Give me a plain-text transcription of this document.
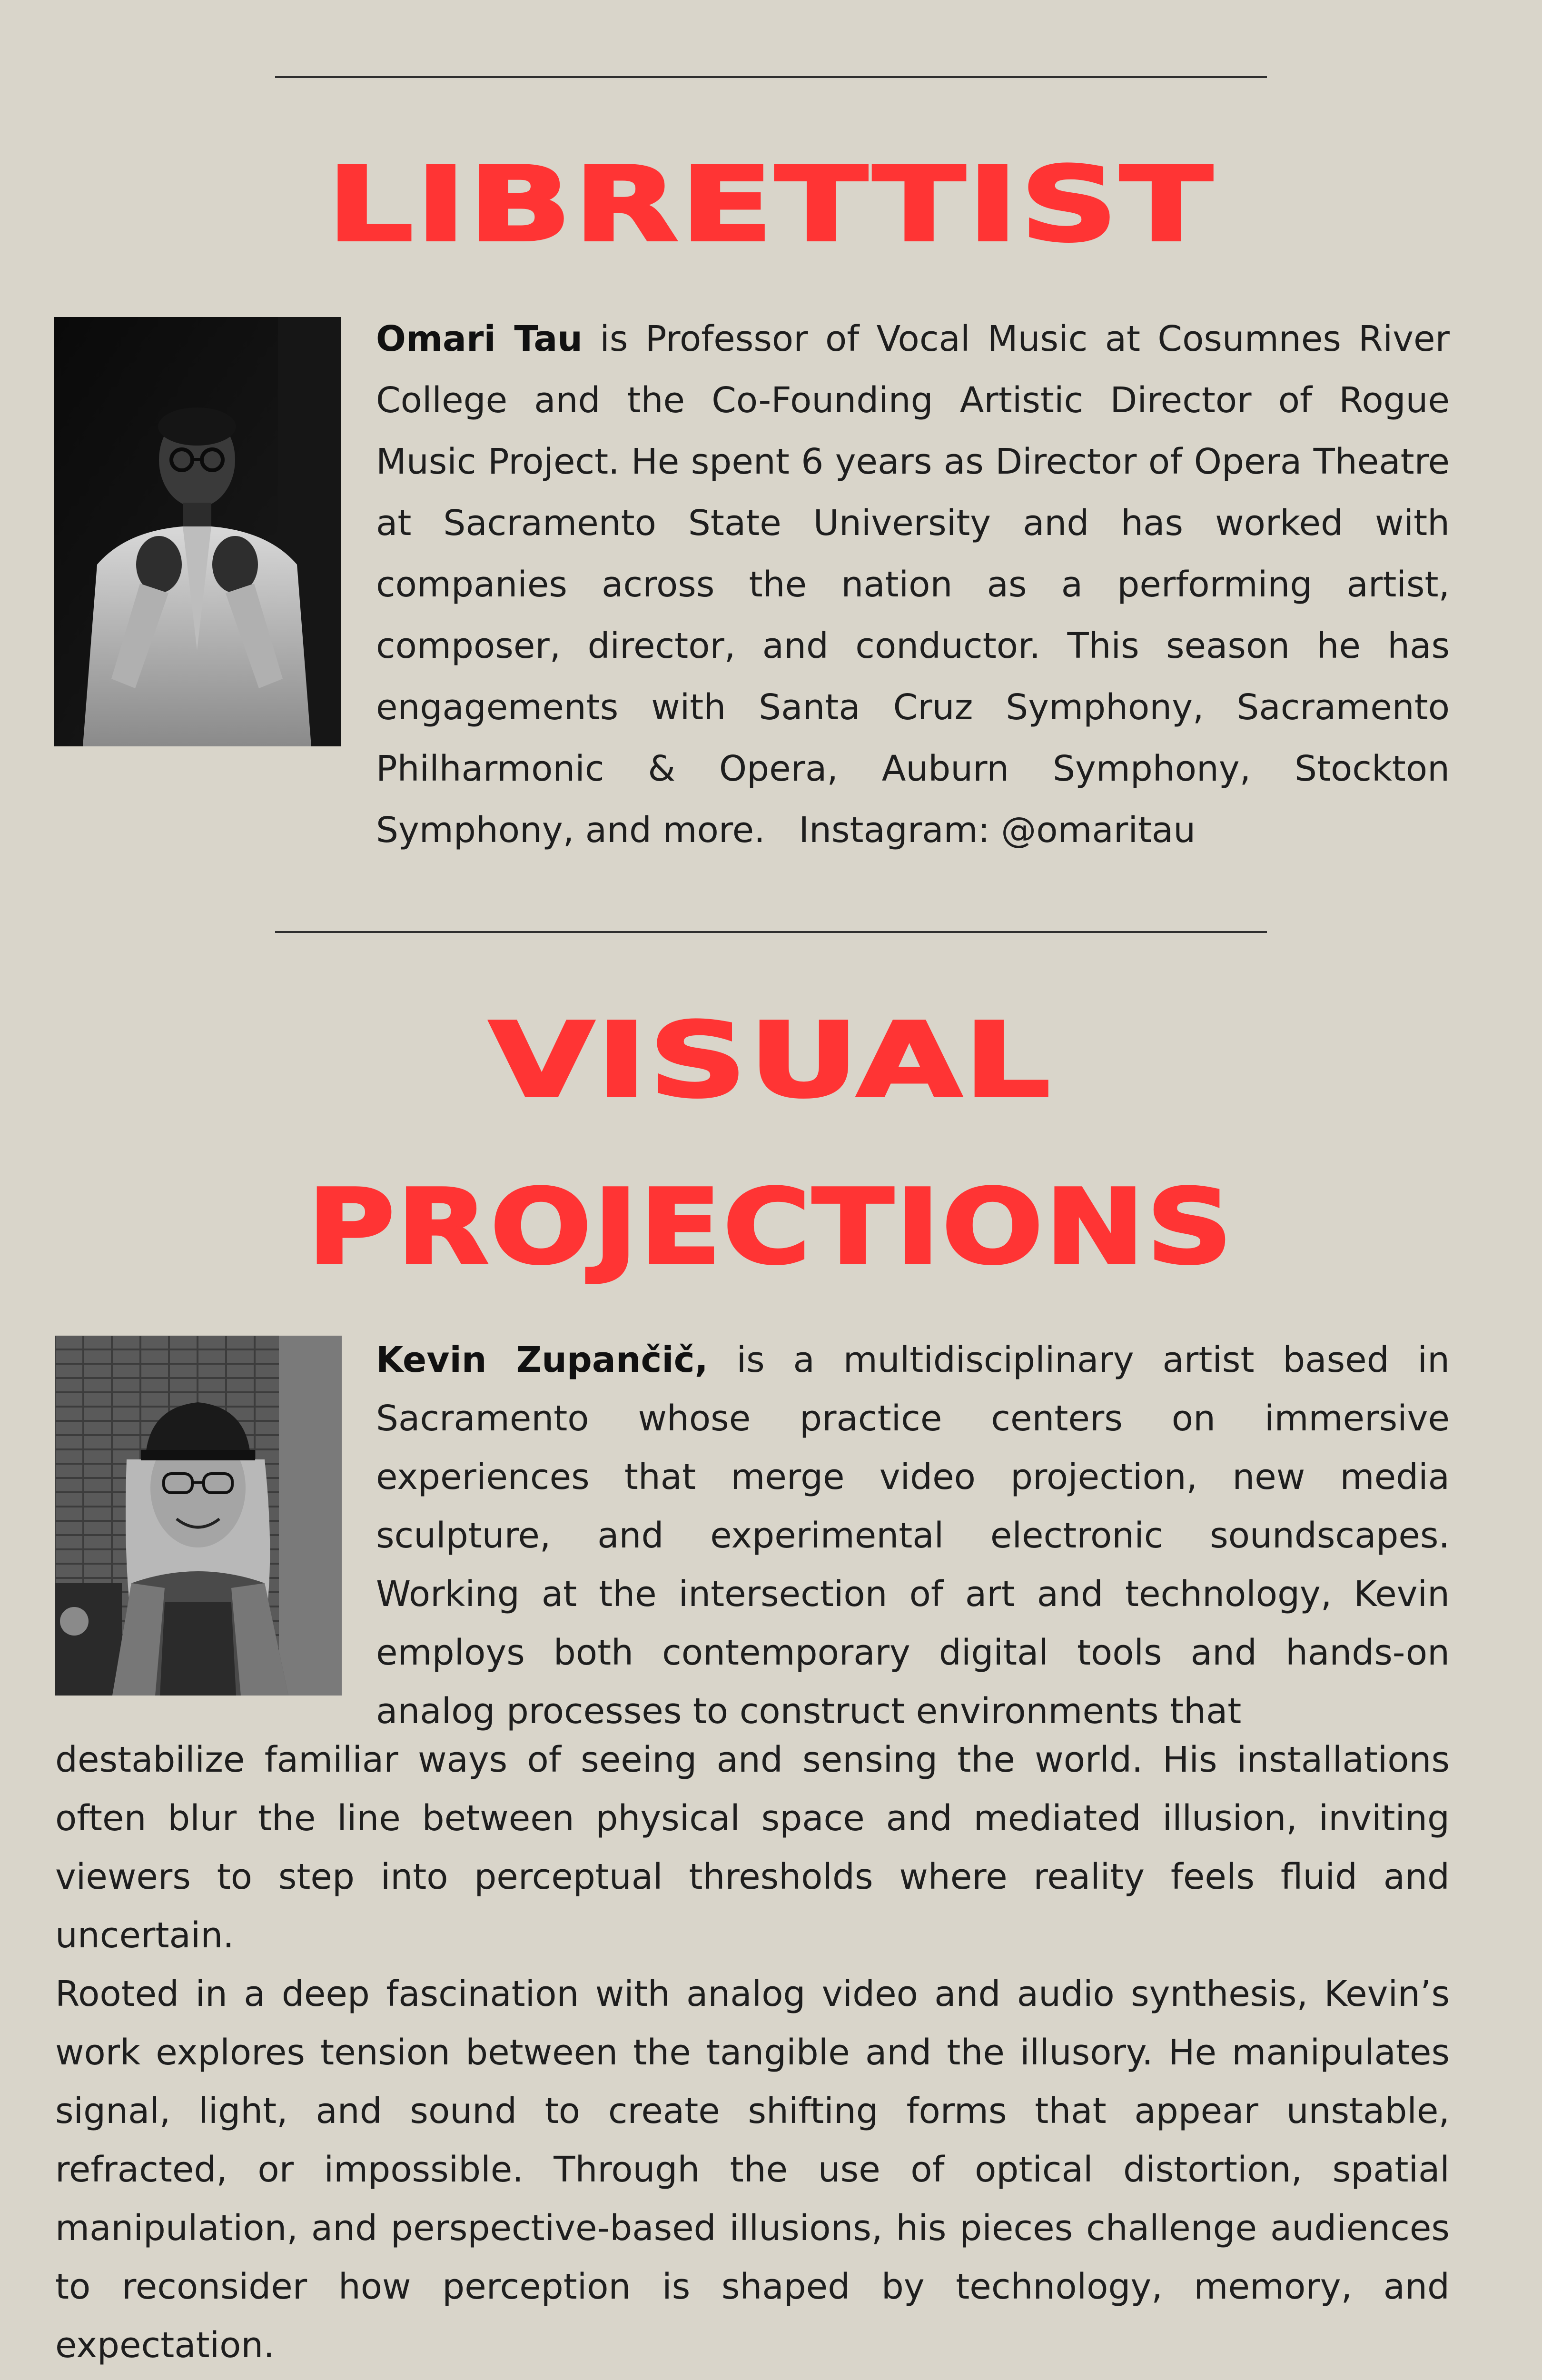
LIBRETTIST

Omari Tau is Professor of Vocal Music at Cosumnes River College and the Co-Founding Artistic Director of Rogue Music Project. He spent 6 years as Director of Opera Theatre at Sacramento State University and has worked with companies across the nation as a performing artist, composer, director, and conductor. This season he has engagements with Santa Cruz Symphony, Sacramento Philharmonic & Opera, Auburn Symphony, Stockton Symphony, and more. Instagram: @omaritau

VISUAL
PROJECTIONS

Kevin Zupančič, is a multidisciplinary artist based in Sacramento whose practice centers on immersive experiences that merge video projection, new media sculpture, and experimental electronic soundscapes. Working at the intersection of art and technology, Kevin employs both contemporary digital tools and hands-on analog processes to construct environments that

destabilize familiar ways of seeing and sensing the world. His installations often blur the line between physical space and mediated illusion, inviting viewers to step into perceptual thresholds where reality feels fluid and uncertain.

Rooted in a deep fascination with analog video and audio synthesis, Kevin’s work explores tension between the tangible and the illusory. He manipulates signal, light, and sound to create shifting forms that appear unstable, refracted, or impossible. Through the use of optical distortion, spatial manipulation, and perspective-based illusions, his pieces challenge audiences to reconsider how perception is shaped by technology, memory, and expectation.
